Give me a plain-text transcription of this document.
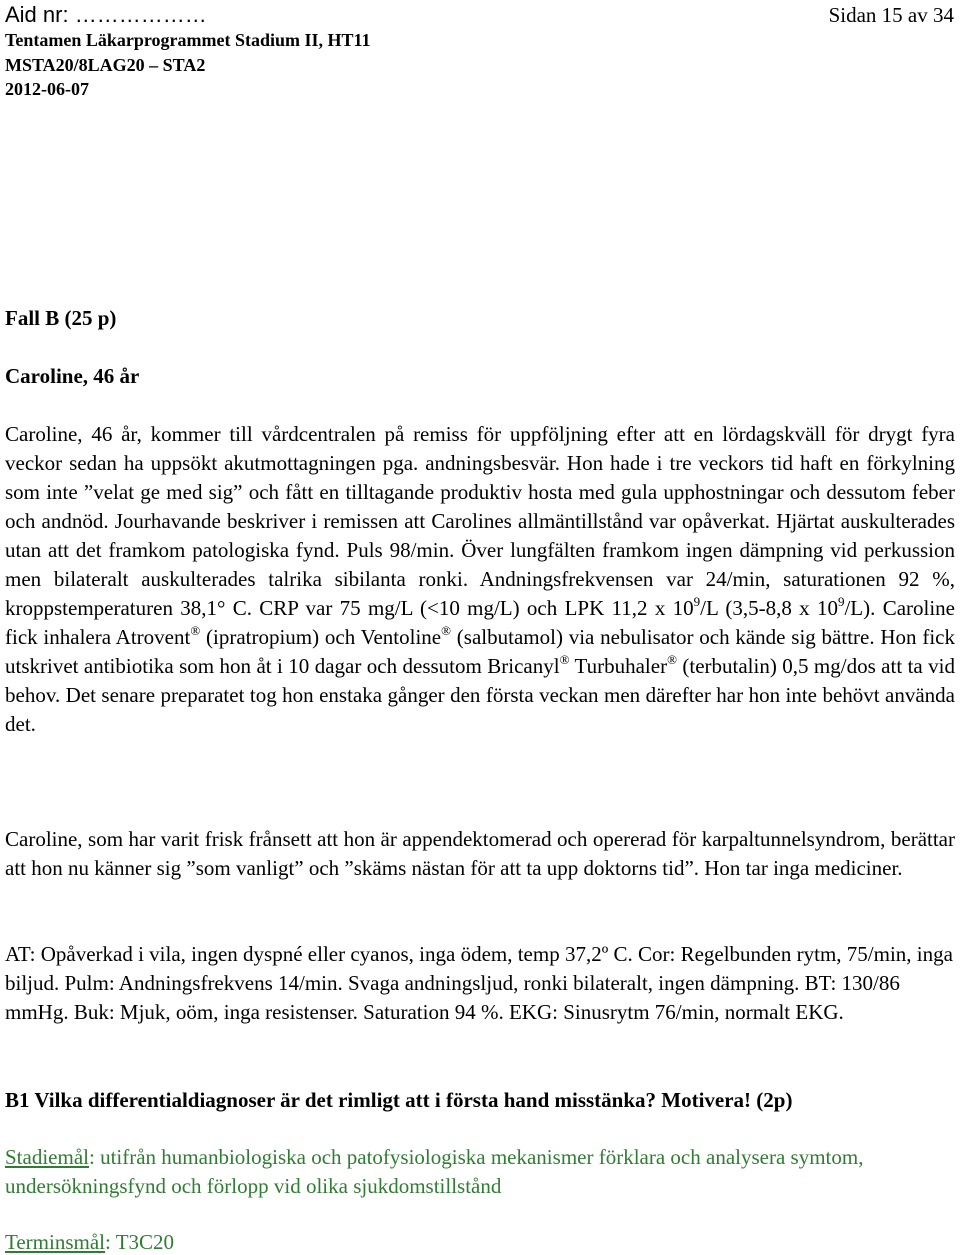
Aid nr: ………………	Sidan 15 av 34
Tentamen Läkarprogrammet Stadium II, HT11
MSTA20/8LAG20 – STA2
2012-06-07
Fall B (25 p)
Caroline, 46 år

Caroline, 46 år, kommer till vårdcentralen på remiss för uppföljning efter att en lördagskväll för drygt fyra veckor sedan ha uppsökt akutmottagningen pga. andningsbesvär. Hon hade i tre veckors tid haft en förkylning som inte ”velat ge med sig” och fått en tilltagande produktiv hosta med gula upphostningar och dessutom feber och andnöd. Jourhavande beskriver i remissen att Carolines allmäntillstånd var opåverkat. Hjärtat auskulterades utan att det framkom patologiska fynd. Puls 98/min. Över lungfälten framkom ingen dämpning vid perkussion men bilateralt auskulterades talrika sibilanta ronki. Andningsfrekvensen var 24/min, saturationen 92 %, kroppstemperaturen 38,1° C. CRP var 75 mg/L (<10 mg/L) och LPK 11,2 x $10^9/L$ (3,5-8,8 x $10^9/L$). Caroline fick inhalera Atrovent® (ipratropium) och Ventoline® (salbutamol) via nebulisator och kände sig bättre. Hon fick utskrivet antibiotika som hon åt i 10 dagar och dessutom Bricanyl® Turbuhaler® (terbutalin) 0,5 mg/dos att ta vid behov. Det senare preparatet tog hon enstaka gånger den första veckan men därefter har hon inte behövt använda det.

Caroline, som har varit frisk frånsett att hon är appendektomerad och opererad för karpaltunnelsyndrom, berättar att hon nu känner sig ”som vanligt” och ”skäms nästan för att ta upp doktorns tid”. Hon tar inga mediciner.

AT: Opåverkad i vila, ingen dyspné eller cyanos, inga ödem, temp 37,2º C. Cor: Regelbunden rytm, 75/min, inga biljud. Pulm: Andningsfrekvens 14/min. Svaga andningsljud, ronki bilateralt, ingen dämpning. BT: 130/86 mmHg. Buk: Mjuk, oöm, inga resistenser. Saturation 94 %. EKG: Sinusrytm 76/min, normalt EKG.

B1 Vilka differentialdiagnoser är det rimligt att i första hand misstänka? Motivera! (2p)
Stadiemål: utifrån humanbiologiska och patofysiologiska mekanismer förklara och analysera symtom, undersökningsfynd och förlopp vid olika sjukdomstillstånd
Terminsmål: T3C20
